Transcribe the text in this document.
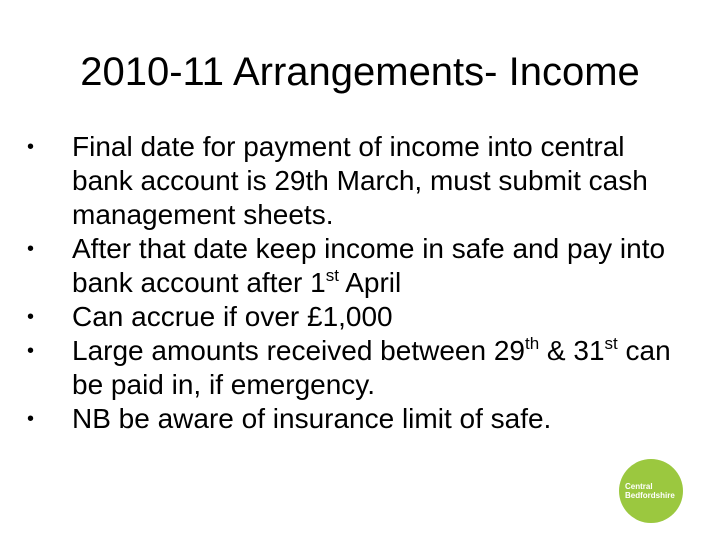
2010-11 Arrangements- Income
•	Final date for payment of income into central bank account is 29th March, must submit cash management sheets.
•	After that date keep income in safe and pay into bank account after 1st April
•	Can accrue if over £1,000
•	Large amounts received between 29th & 31st can be paid in, if emergency.
•	NB be aware of insurance limit of safe.
Central
Bedfordshire
